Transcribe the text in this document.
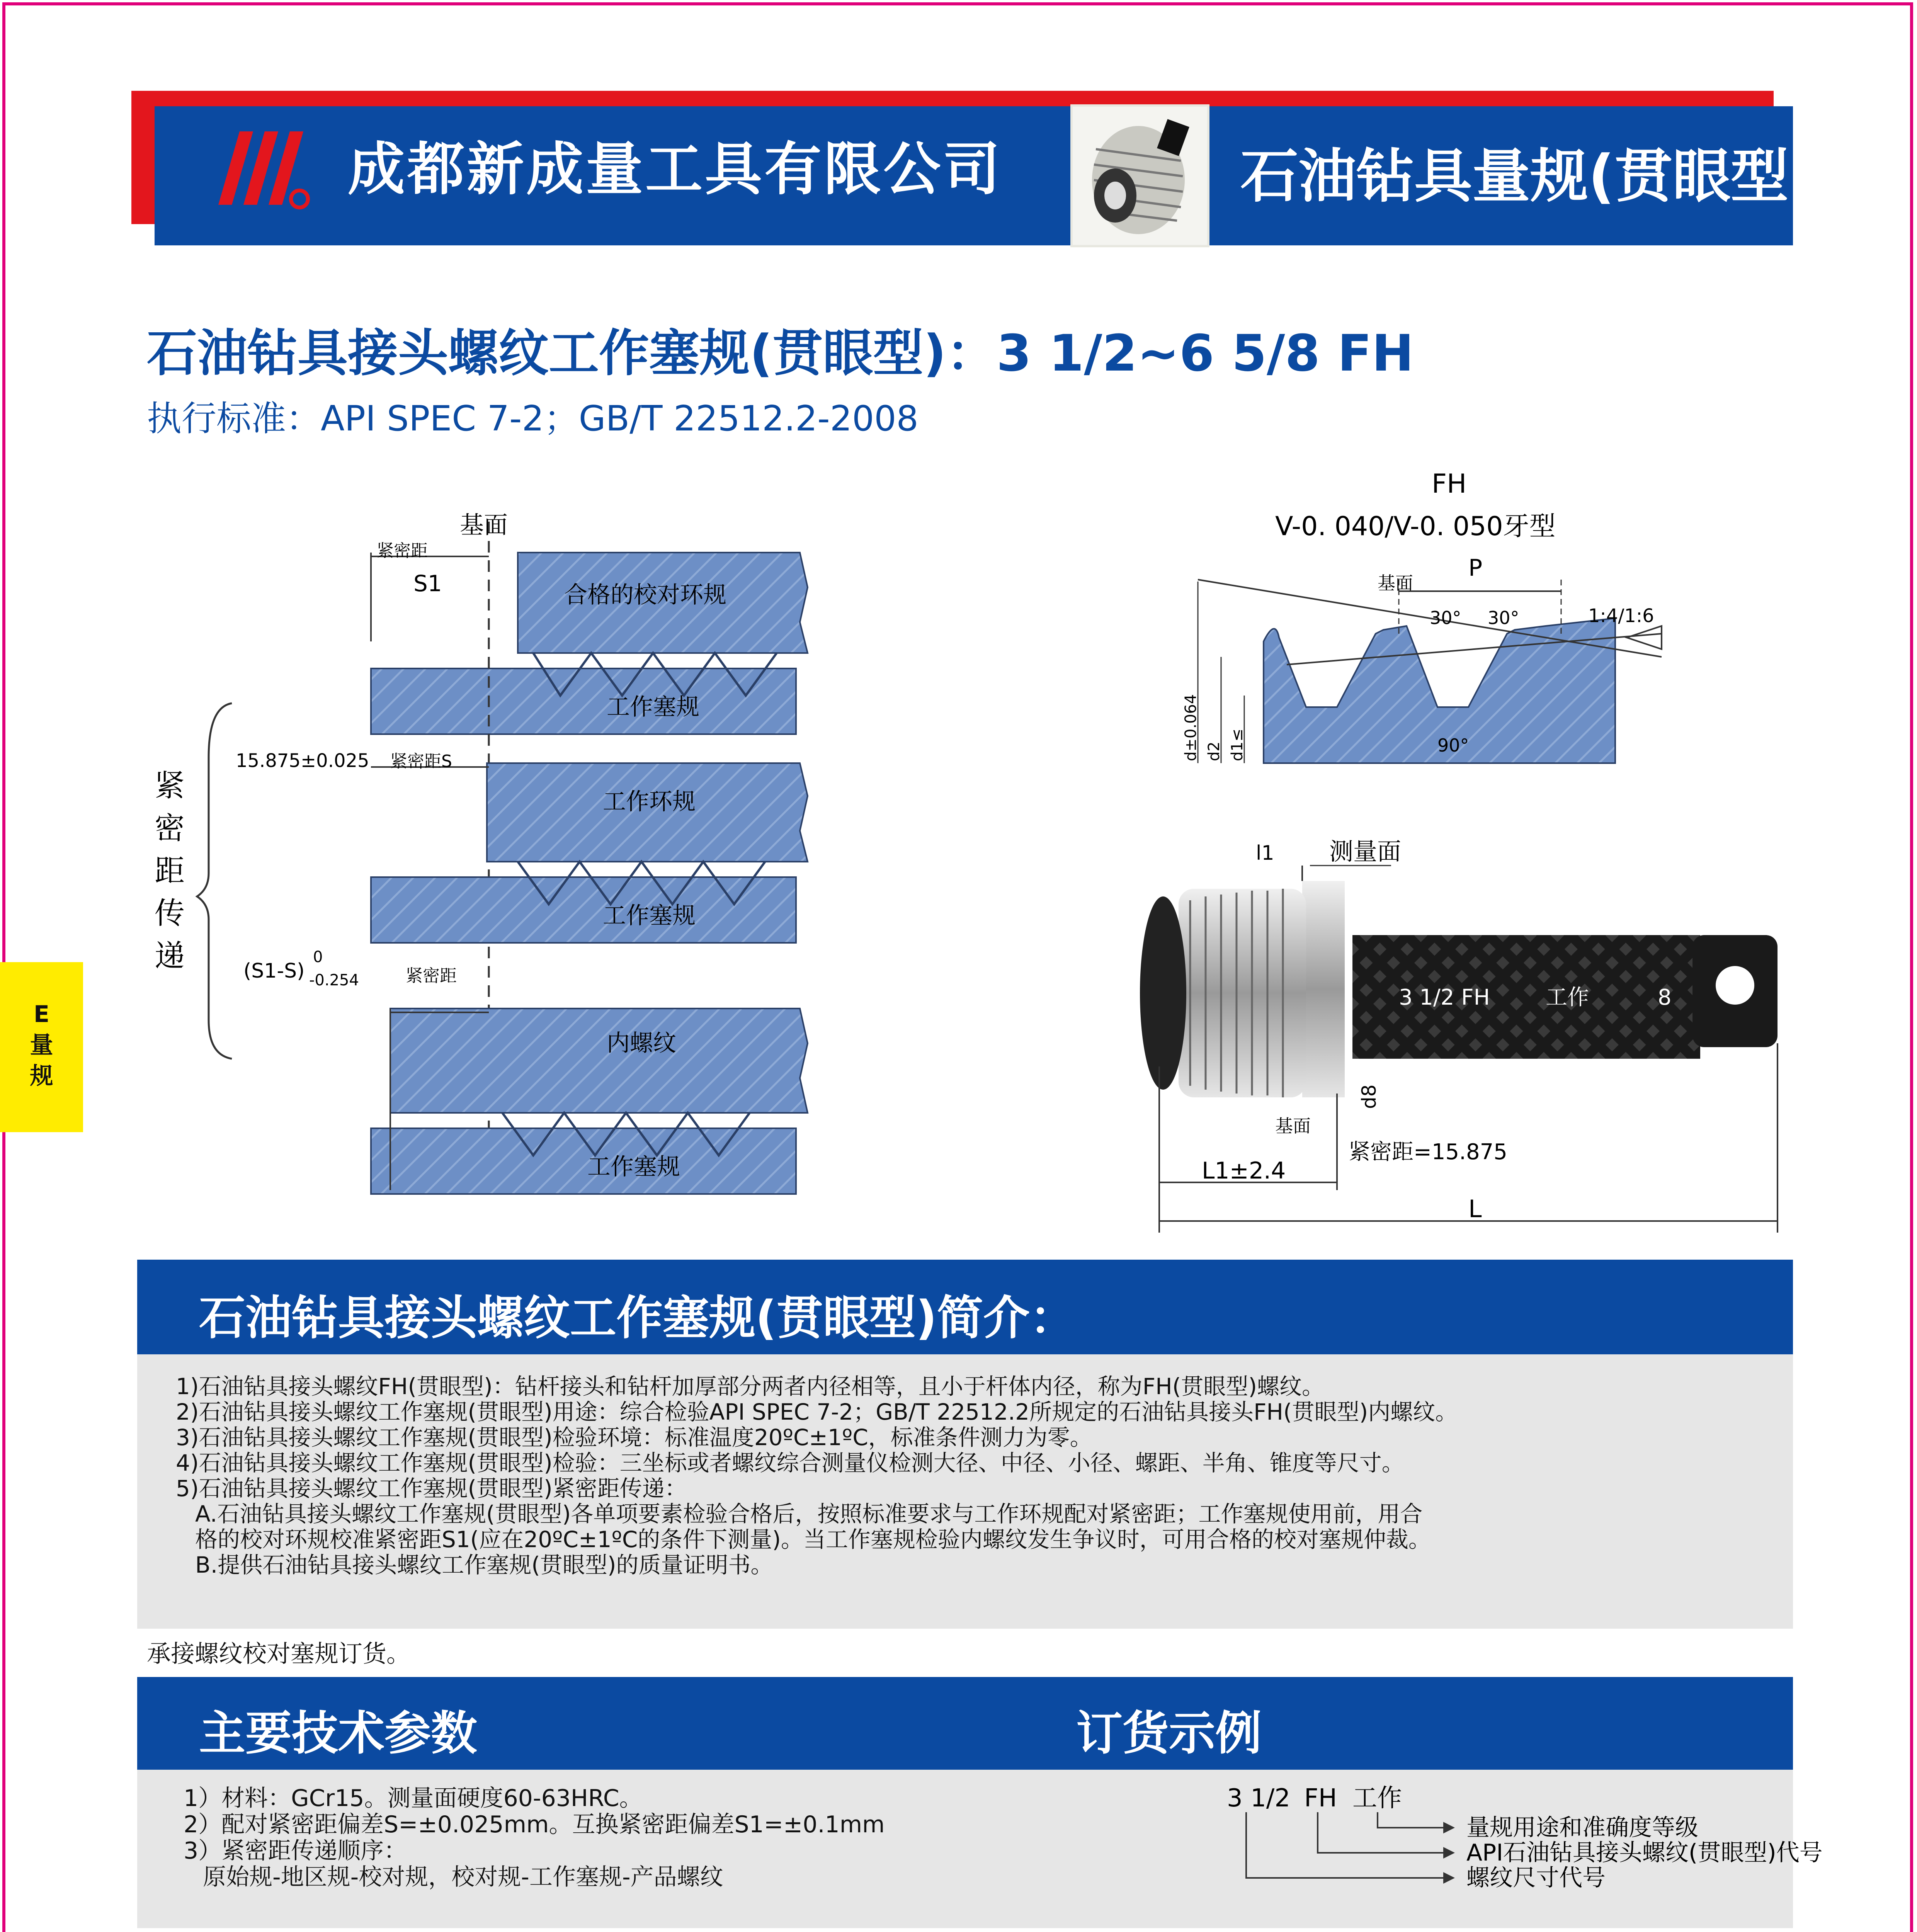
成都新成量工具有限公司	石油钻具量规(贯眼型)
石油钻具接头螺纹工作塞规(贯眼型)：3 1/2~6 5/8 FH
执行标准：API SPEC 7-2；GB/T 22512.2-2008
E
量
规
基面
紧密距
S1	合格的校对环规
工作塞规
15.875±0.025 紧密距S
工作环规
工作塞规
紧
密
距
传
递	(S1-S)
0
-0.254	紧密距
内螺纹
工作塞规
FH
V-0. 040/V-0. 050牙型
基面
P
30° 30°	1:4/1:6
90°
d±0.064 d2 d1≤
l1 测量面
3 1/2 FH	工作	8
d8
基面
紧密距=15.875
L1±2.4
L
石油钻具接头螺纹工作塞规(贯眼型)简介：
1)石油钻具接头螺纹FH(贯眼型)：钻杆接头和钻杆加厚部分两者内径相等，且小于杆体内径，称为FH(贯眼型)螺纹。
2)石油钻具接头螺纹工作塞规(贯眼型)用途：综合检验API SPEC 7-2；GB/T 22512.2所规定的石油钻具接头FH(贯眼型)内螺纹。
3)石油钻具接头螺纹工作塞规(贯眼型)检验环境：标准温度20ºC±1ºC，标准条件测力为零。
4)石油钻具接头螺纹工作塞规(贯眼型)检验：三坐标或者螺纹综合测量仪检测大径、中径、小径、螺距、半角、锥度等尺寸。
5)石油钻具接头螺纹工作塞规(贯眼型)紧密距传递：
A.石油钻具接头螺纹工作塞规(贯眼型)各单项要素检验合格后，按照标准要求与工作环规配对紧密距；工作塞规使用前，用合
格的校对环规校准紧密距S1(应在20ºC±1ºC的条件下测量)。当工作塞规检验内螺纹发生争议时，可用合格的校对塞规仲裁。
B.提供石油钻具接头螺纹工作塞规(贯眼型)的质量证明书。
承接螺纹校对塞规订货。
主要技术参数	订货示例
1）材料：GCr15。测量面硬度60-63HRC。
2）配对紧密距偏差S=±0.025mm。互换紧密距偏差S1=±0.1mm
3）紧密距传递顺序：
原始规-地区规-校对规，校对规-工作塞规-产品螺纹
3 1/2 FH 工作
量规用途和准确度等级
API石油钻具接头螺纹(贯眼型)代号
螺纹尺寸代号
